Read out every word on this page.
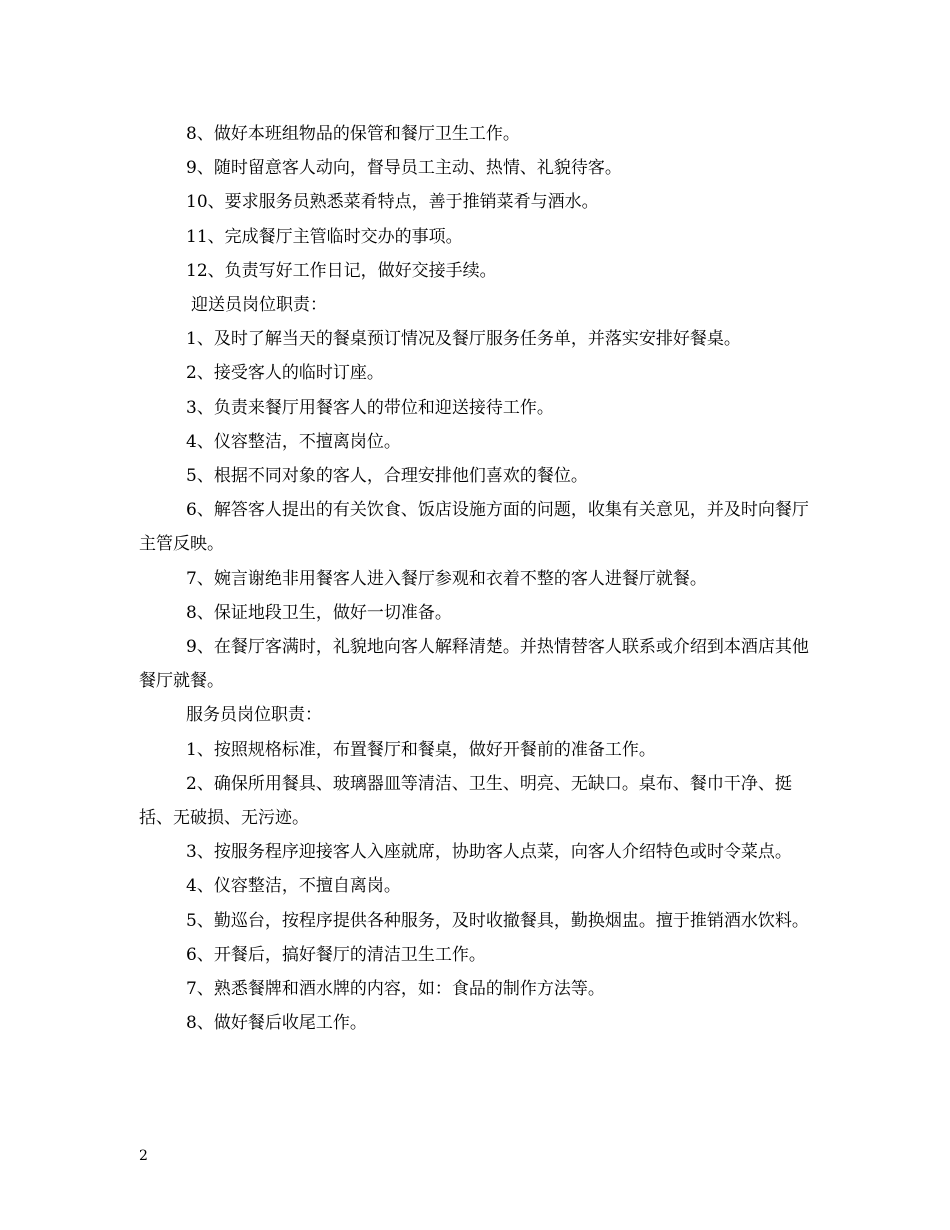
8、做好本班组物品的保管和餐厅卫生工作。

9、随时留意客人动向，督导员工主动、热情、礼貌待客。

10、要求服务员熟悉菜肴特点，善于推销菜肴与酒水。

11、完成餐厅主管临时交办的事项。

12、负责写好工作日记，做好交接手续。

迎送员岗位职责：

1、及时了解当天的餐桌预订情况及餐厅服务任务单，并落实安排好餐桌。

2、接受客人的临时订座。

3、负责来餐厅用餐客人的带位和迎送接待工作。

4、仪容整洁，不擅离岗位。

5、根据不同对象的客人，合理安排他们喜欢的餐位。

6、解答客人提出的有关饮食、饭店设施方面的问题，收集有关意见，并及时向餐厅主管反映。

7、婉言谢绝非用餐客人进入餐厅参观和衣着不整的客人进餐厅就餐。

8、保证地段卫生，做好一切准备。

9、在餐厅客满时，礼貌地向客人解释清楚。并热情替客人联系或介绍到本酒店其他餐厅就餐。

服务员岗位职责：

1、按照规格标准，布置餐厅和餐桌，做好开餐前的准备工作。

2、确保所用餐具、玻璃器皿等清洁、卫生、明亮、无缺口。桌布、餐巾干净、挺括、无破损、无污迹。

3、按服务程序迎接客人入座就席，协助客人点菜，向客人介绍特色或时令菜点。

4、仪容整洁，不擅自离岗。

5、勤巡台，按程序提供各种服务，及时收撤餐具，勤换烟盅。擅于推销酒水饮料。

6、开餐后，搞好餐厅的清洁卫生工作。

7、熟悉餐牌和酒水牌的内容，如：食品的制作方法等。

8、做好餐后收尾工作。

2
